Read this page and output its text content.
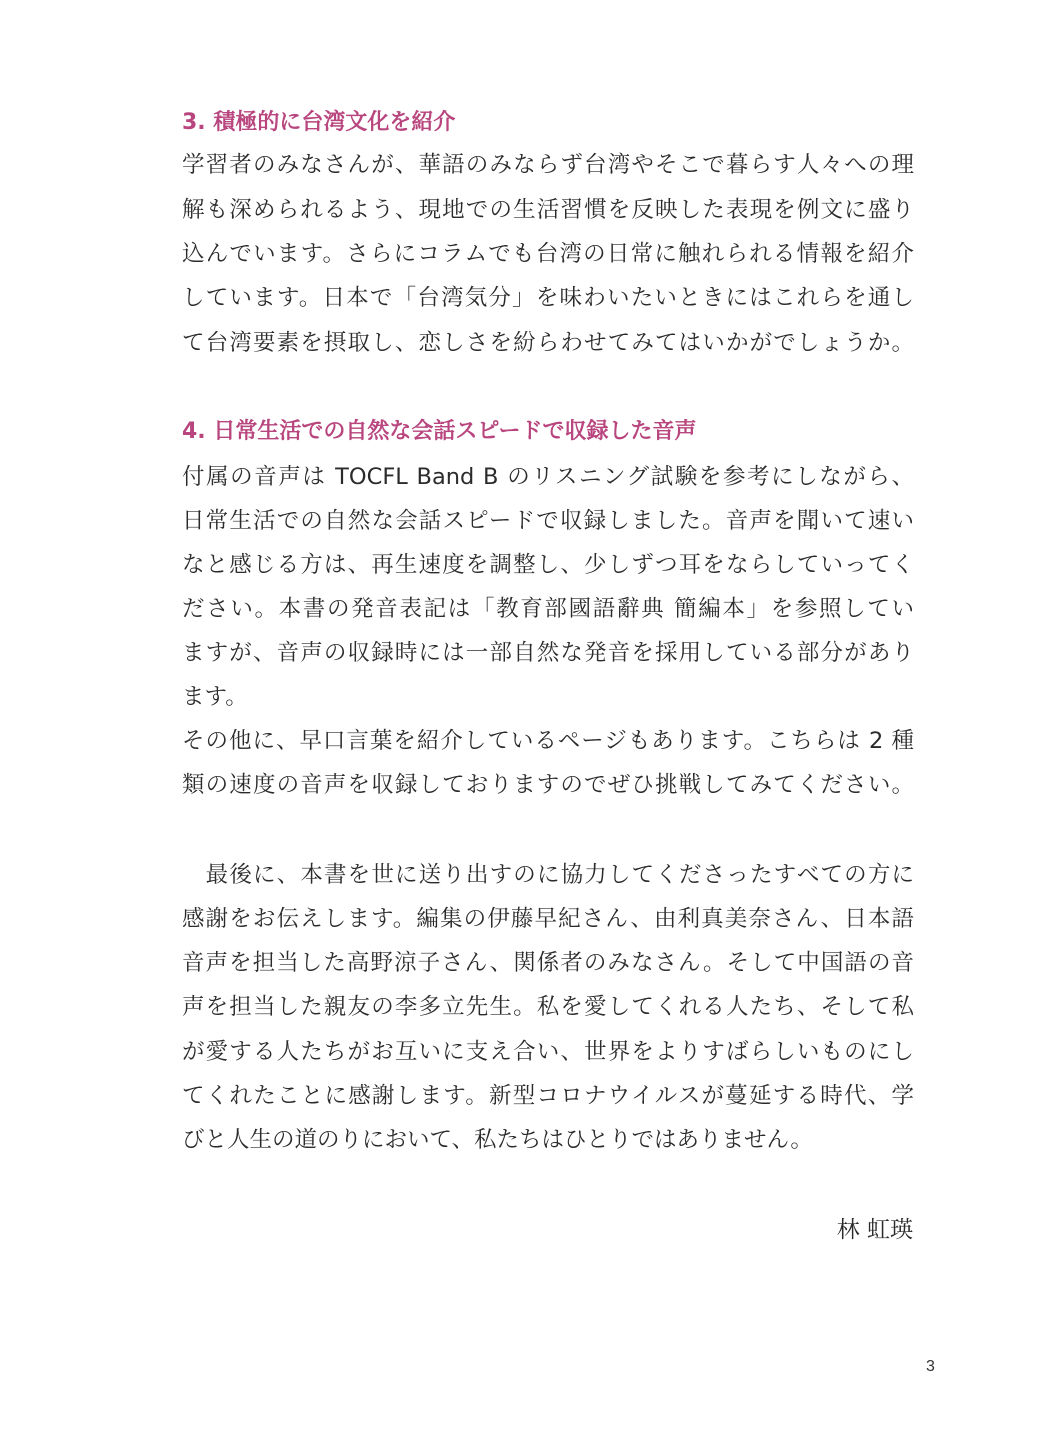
3. 積極的に台湾文化を紹介
学習者のみなさんが、華語のみならず台湾やそこで暮らす人々への理
解も深められるよう、現地での生活習慣を反映した表現を例文に盛り
込んでいます。さらにコラムでも台湾の日常に触れられる情報を紹介
しています。日本で「台湾気分」を味わいたいときにはこれらを通し
て台湾要素を摂取し、恋しさを紛らわせてみてはいかがでしょうか。
4. 日常生活での自然な会話スピードで収録した音声
付属の音声は TOCFL Band B のリスニング試験を参考にしながら、
日常生活での自然な会話スピードで収録しました。音声を聞いて速い
なと感じる方は、再生速度を調整し、少しずつ耳をならしていってく
ださい。本書の発音表記は「教育部國語辭典 簡編本」を参照してい
ますが、音声の収録時には一部自然な発音を採用している部分があり
ます。
その他に、早口言葉を紹介しているページもあります。こちらは 2 種
類の速度の音声を収録しておりますのでぜひ挑戦してみてください。
　最後に、本書を世に送り出すのに協力してくださったすべての方に
感謝をお伝えします。編集の伊藤早紀さん、由利真美奈さん、日本語
音声を担当した高野涼子さん、関係者のみなさん。そして中国語の音
声を担当した親友の李多立先生。私を愛してくれる人たち、そして私
が愛する人たちがお互いに支え合い、世界をよりすばらしいものにし
てくれたことに感謝します。新型コロナウイルスが蔓延する時代、学
びと人生の道のりにおいて、私たちはひとりではありません。
林 虹瑛
3
